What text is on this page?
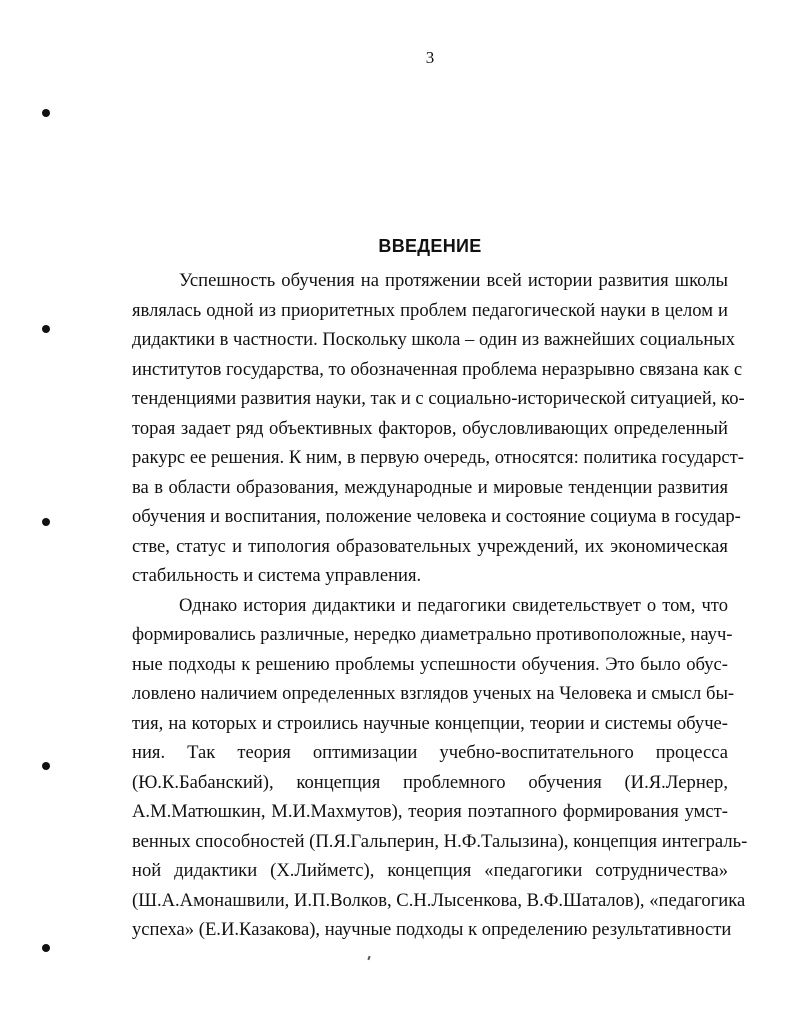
3
ВВЕДЕНИЕ
Успешность обучения на протяжении всей истории развития школы
являлась одной из приоритетных проблем педагогической науки в целом и
дидактики в частности. Поскольку школа – один из важнейших социальных
институтов государства, то обозначенная проблема неразрывно связана как с
тенденциями развития науки, так и с социально-исторической ситуацией, ко-
торая задает ряд объективных факторов, обусловливающих определенный
ракурс ее решения. К ним, в первую очередь, относятся: политика государст-
ва в области образования, международные и мировые тенденции развития
обучения и воспитания, положение человека и состояние социума в государ-
стве, статус и типология образовательных учреждений, их экономическая
стабильность и система управления.
Однако история дидактики и педагогики свидетельствует о том, что
формировались различные, нередко диаметрально противоположные, науч-
ные подходы к решению проблемы успешности обучения. Это было обус-
ловлено наличием определенных взглядов ученых на Человека и смысл бы-
тия, на которых и строились научные концепции, теории и системы обуче-
ния. Так теория оптимизации учебно-воспитательного процесса
(Ю.К.Бабанский), концепция проблемного обучения (И.Я.Лернер,
А.М.Матюшкин, М.И.Махмутов), теория поэтапного формирования умст-
венных способностей (П.Я.Гальперин, Н.Ф.Талызина), концепция интеграль-
ной дидактики (Х.Лийметс), концепция «педагогики сотрудничества»
(Ш.А.Амонашвили, И.П.Волков, С.Н.Лысенкова, В.Ф.Шаталов), «педагогика
успеха» (Е.И.Казакова), научные подходы к определению результативности
